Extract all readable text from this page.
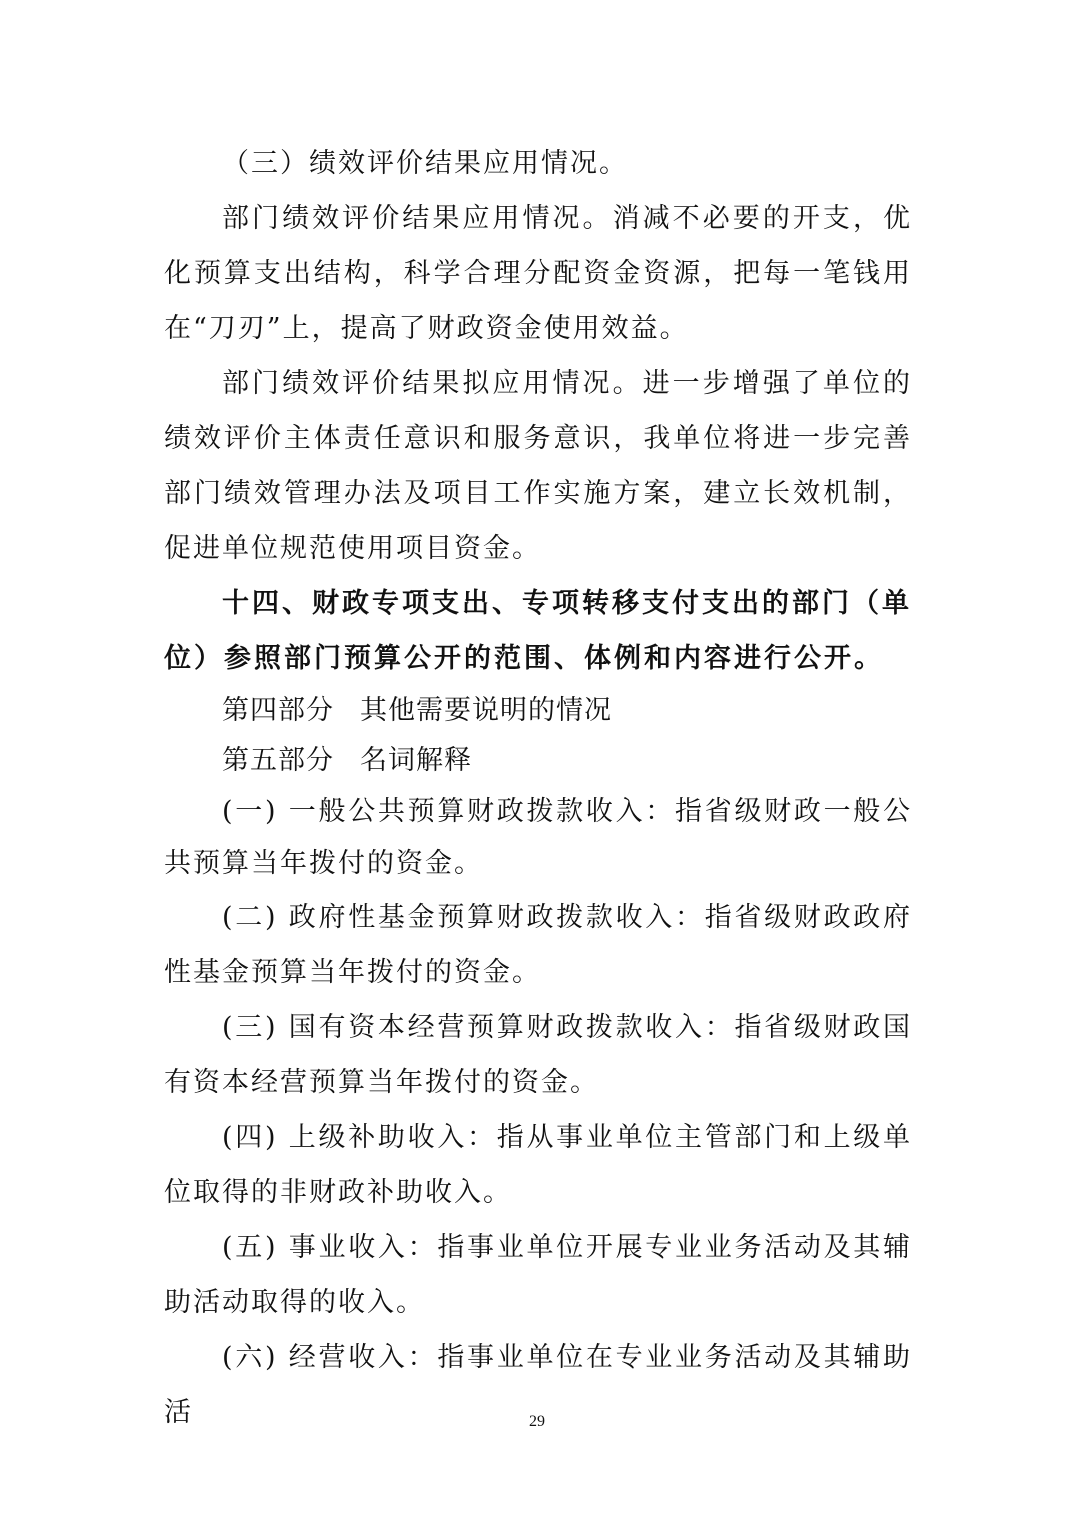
（三）绩效评价结果应用情况。

部门绩效评价结果应用情况。消减不必要的开支，优化预算支出结构，科学合理分配资金资源，把每一笔钱用在“刀刃”上，提高了财政资金使用效益。

部门绩效评价结果拟应用情况。进一步增强了单位的绩效评价主体责任意识和服务意识，我单位将进一步完善部门绩效管理办法及项目工作实施方案，建立长效机制，促进单位规范使用项目资金。

十四、财政专项支出、专项转移支付支出的部门（单位）参照部门预算公开的范围、体例和内容进行公开。

第四部分 其他需要说明的情况

第五部分 名词解释

(一) 一般公共预算财政拨款收入：指省级财政一般公共预算当年拨付的资金。

(二) 政府性基金预算财政拨款收入：指省级财政政府性基金预算当年拨付的资金。

(三) 国有资本经营预算财政拨款收入：指省级财政国有资本经营预算当年拨付的资金。

(四) 上级补助收入：指从事业单位主管部门和上级单位取得的非财政补助收入。

(五) 事业收入：指事业单位开展专业业务活动及其辅助活动取得的收入。

(六) 经营收入：指事业单位在专业业务活动及其辅助活	29
